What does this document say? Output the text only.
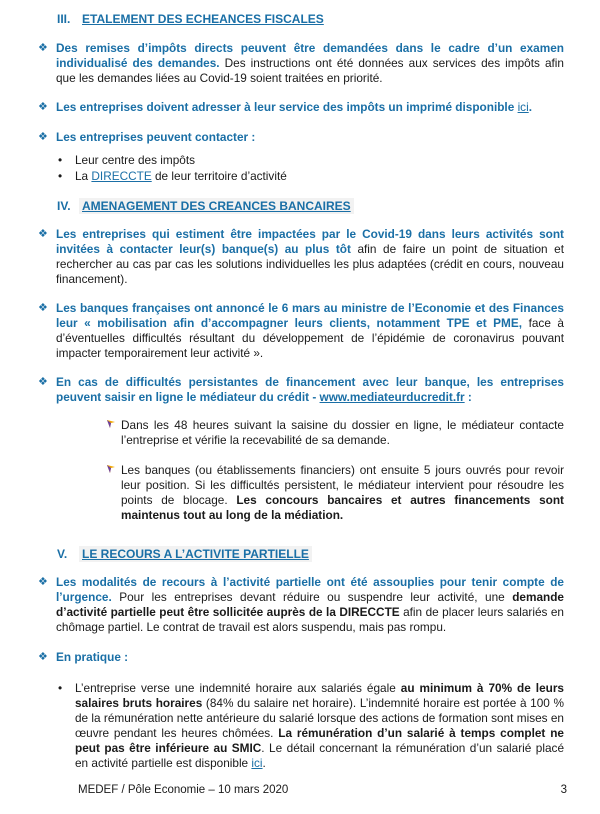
III. ETALEMENT DES ECHEANCES FISCALES
❖ Des remises d’impôts directs peuvent être demandées dans le cadre d’un examen individualisé des demandes. Des instructions ont été données aux services des impôts afin que les demandes liées au Covid-19 soient traitées en priorité.
❖ Les entreprises doivent adresser à leur service des impôts un imprimé disponible ici.
❖ Les entreprises peuvent contacter :
• Leur centre des impôts
• La DIRECCTE de leur territoire d’activité
IV. AMENAGEMENT DES CREANCES BANCAIRES
❖ Les entreprises qui estiment être impactées par le Covid-19 dans leurs activités sont invitées à contacter leur(s) banque(s) au plus tôt afin de faire un point de situation et rechercher au cas par cas les solutions individuelles les plus adaptées (crédit en cours, nouveau financement).
❖ Les banques françaises ont annoncé le 6 mars au ministre de l’Economie et des Finances leur « mobilisation afin d’accompagner leurs clients, notamment TPE et PME, face à d’éventuelles difficultés résultant du développement de l’épidémie de coronavirus pouvant impacter temporairement leur activité ».
❖ En cas de difficultés persistantes de financement avec leur banque, les entreprises peuvent saisir en ligne le médiateur du crédit - www.mediateurducredit.fr :
Dans les 48 heures suivant la saisine du dossier en ligne, le médiateur contacte l’entreprise et vérifie la recevabilité de sa demande.
Les banques (ou établissements financiers) ont ensuite 5 jours ouvrés pour revoir leur position. Si les difficultés persistent, le médiateur intervient pour résoudre les points de blocage. Les concours bancaires et autres financements sont maintenus tout au long de la médiation.
V. LE RECOURS A L’ACTIVITE PARTIELLE
❖ Les modalités de recours à l’activité partielle ont été assouplies pour tenir compte de l’urgence. Pour les entreprises devant réduire ou suspendre leur activité, une demande d’activité partielle peut être sollicitée auprès de la DIRECCTE afin de placer leurs salariés en chômage partiel. Le contrat de travail est alors suspendu, mais pas rompu.
❖ En pratique :
• L’entreprise verse une indemnité horaire aux salariés égale au minimum à 70% de leurs salaires bruts horaires (84% du salaire net horaire). L’indemnité horaire est portée à 100 % de la rémunération nette antérieure du salarié lorsque des actions de formation sont mises en œuvre pendant les heures chômées. La rémunération d’un salarié à temps complet ne peut pas être inférieure au SMIC. Le détail concernant la rémunération d’un salarié placé en activité partielle est disponible ici.
MEDEF / Pôle Economie – 10 mars 2020	3
